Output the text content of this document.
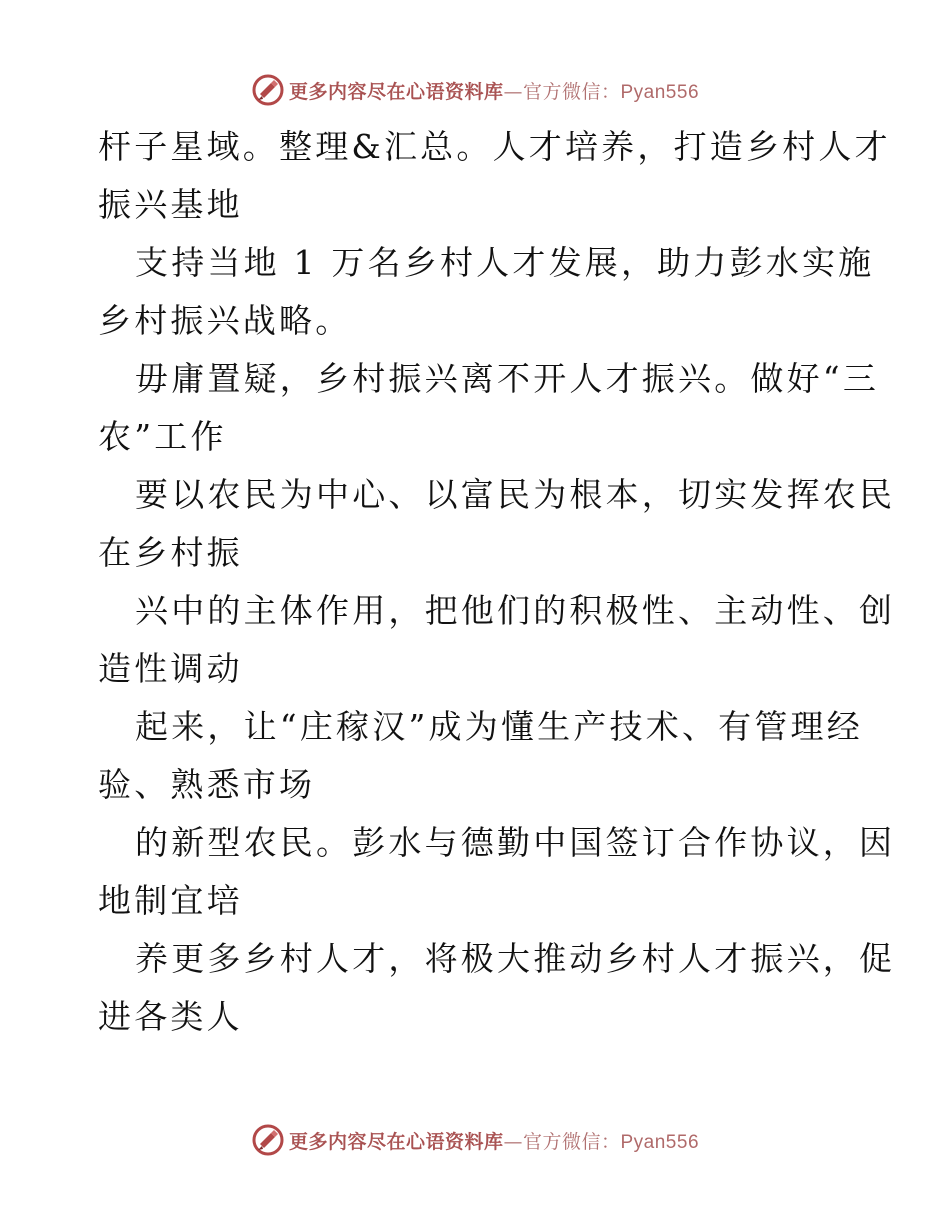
更多内容尽在心语资料库—官方微信：Pyan556

杆子星域。整理&汇总。人才培养，打造乡村人才

振兴基地

支持当地 1 万名乡村人才发展，助力彭水实施

乡村振兴战略。

毋庸置疑，乡村振兴离不开人才振兴。做好“三

农”工作

要以农民为中心、以富民为根本，切实发挥农民

在乡村振

兴中的主体作用，把他们的积极性、主动性、创

造性调动

起来，让“庄稼汉”成为懂生产技术、有管理经

验、熟悉市场

的新型农民。彭水与德勤中国签订合作协议，因

地制宜培

养更多乡村人才，将极大推动乡村人才振兴，促

进各类人

更多内容尽在心语资料库—官方微信：Pyan556
